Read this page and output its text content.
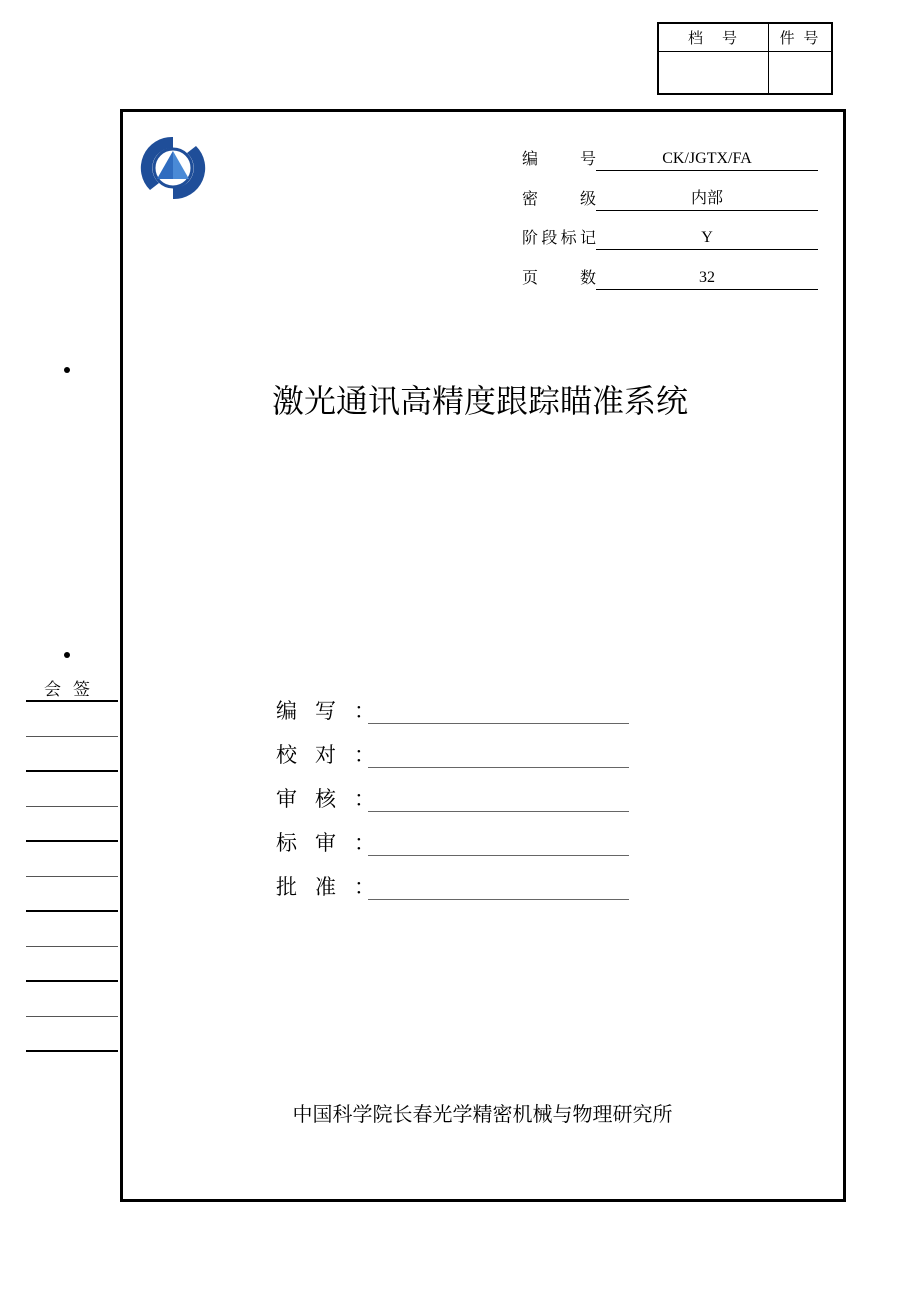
档　号	件 号
编　　号	CK/JGTX/FA
密　　级	内部
阶段标记	Y
页　　数	32
激光通讯高精度跟踪瞄准系统
会签
编写 ：
校对 ：
审核 ：
标审 ：
批准 ：
中国科学院长春光学精密机械与物理研究所
